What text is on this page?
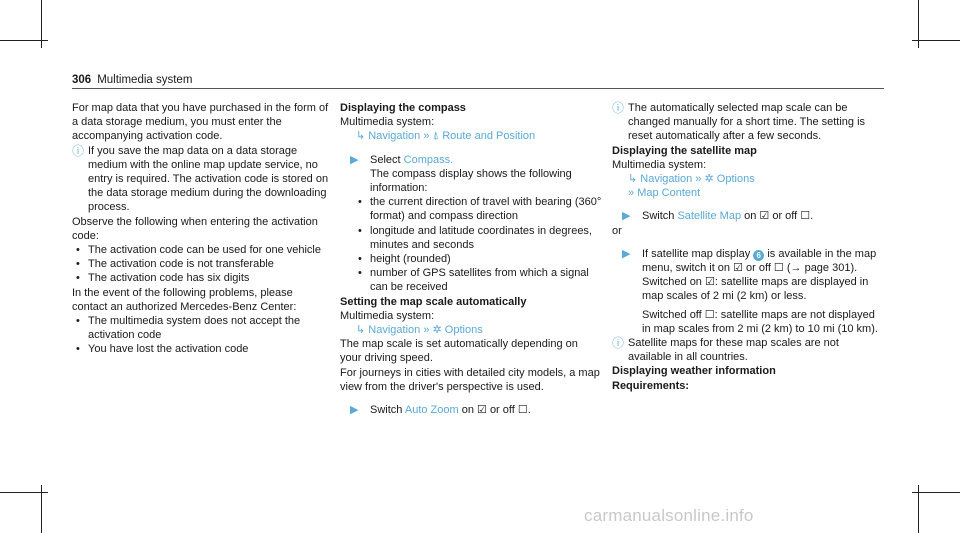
306 Multimedia system

For map data that you have purchased in the form of a data storage medium, you must enter the accompanying activation code.

ⓘ If you save the map data on a data storage medium with the online map update service, no entry is required. The activation code is stored on the data storage medium during the downloading process.

Observe the following when entering the activation code:

• The activation code can be used for one vehicle
• The activation code is not transferable
• The activation code has six digits

In the event of the following problems, please contact an authorized Mercedes-Benz Center:

• The multimedia system does not accept the activation code
• You have lost the activation code

Displaying the compass

Multimedia system:

↳ Navigation » ⍋ Route and Position

▶ Select Compass.

The compass display shows the following information:

• the current direction of travel with bearing (360° format) and compass direction
• longitude and latitude coordinates in degrees, minutes and seconds
• height (rounded)
• number of GPS satellites from which a signal can be received

Setting the map scale automatically

Multimedia system:

↳ Navigation » ✲ Options

The map scale is set automatically depending on your driving speed.

For journeys in cities with detailed city models, a map view from the driver's perspective is used.

▶ Switch Auto Zoom on ☑ or off ☐.
ⓘ The automatically selected map scale can be changed manually for a short time. The setting is reset automatically after a few seconds.

Displaying the satellite map

Multimedia system:

↳ Navigation » ✲ Options

» Map Content

▶ Switch Satellite Map on ☑ or off ☐.

or

▶ If satellite map display 6 is available in the map menu, switch it on ☑ or off ☐ (→ page 301).

Switched on ☑: satellite maps are displayed in map scales of 2 mi (2 km) or less.

Switched off ☐: satellite maps are not displayed in map scales from 2 mi (2 km) to 10 mi (10 km).

ⓘ Satellite maps for these map scales are not available in all countries.

Displaying weather information

Requirements:

carmanualsonline.info
